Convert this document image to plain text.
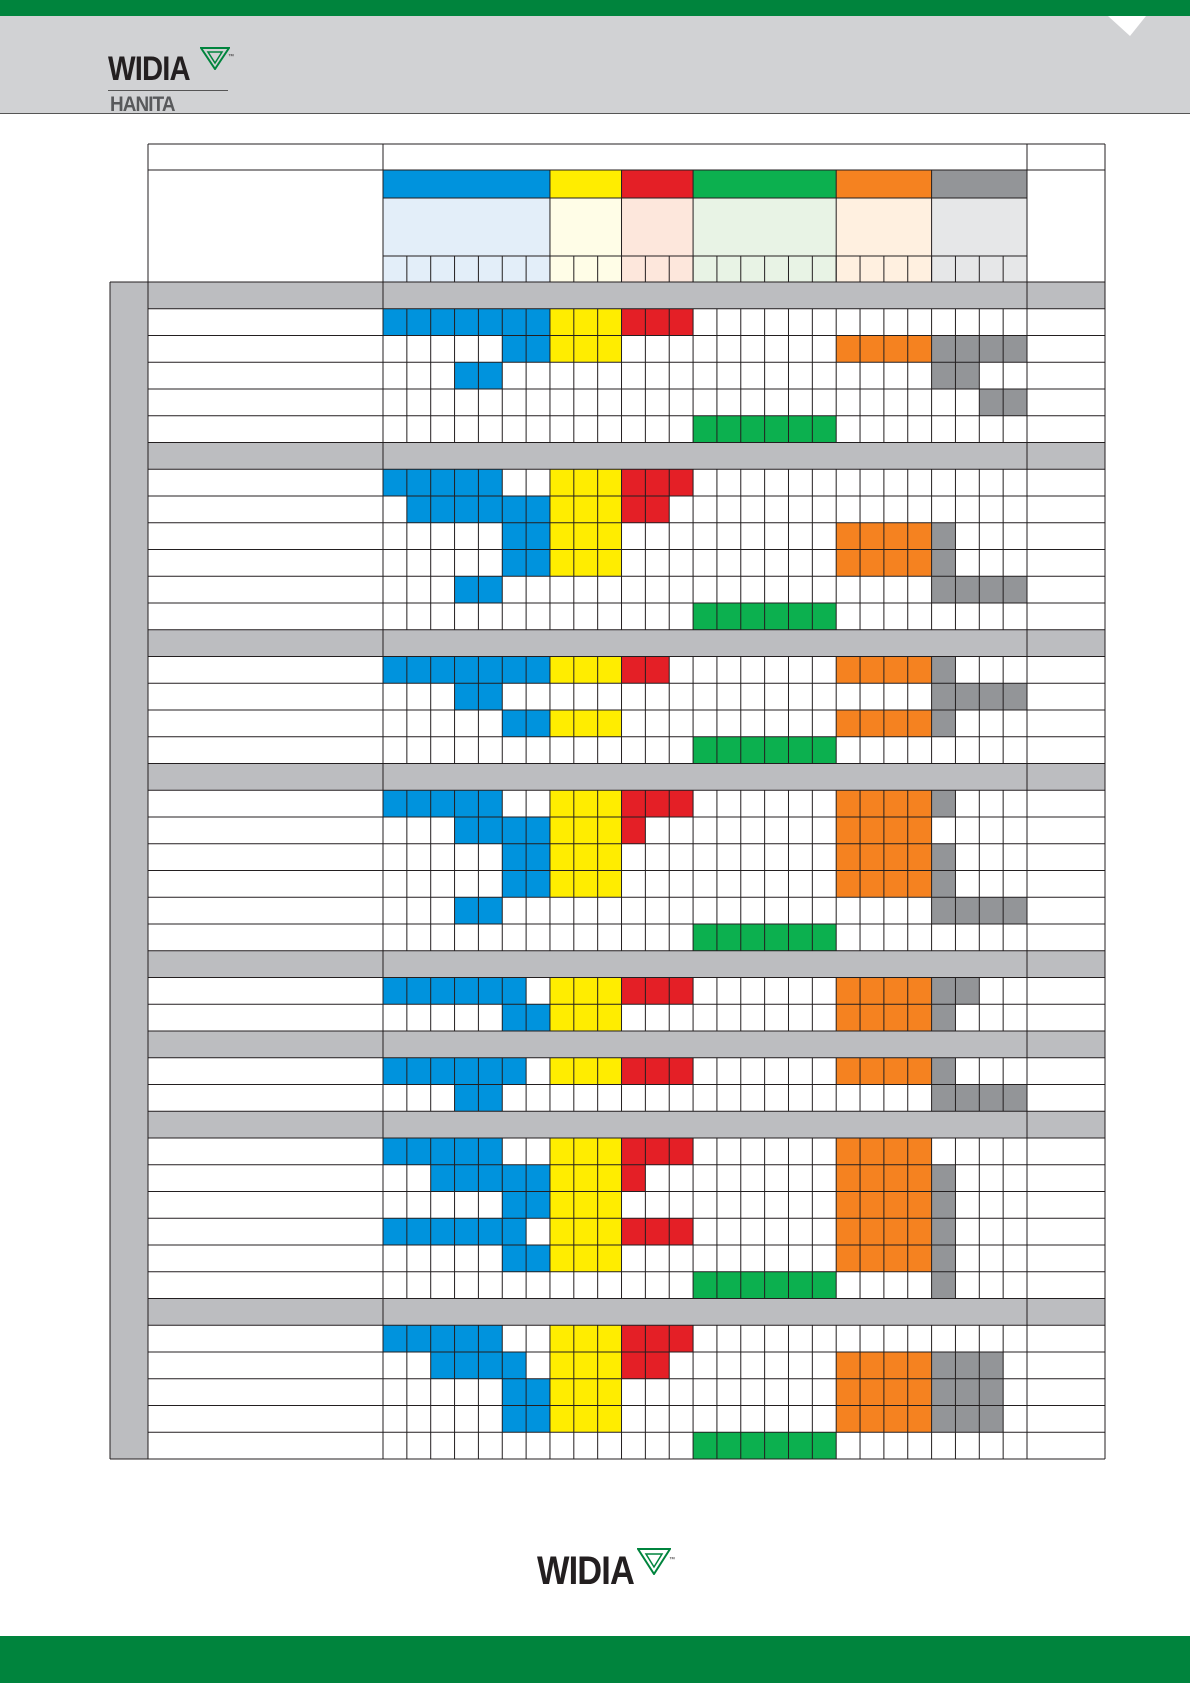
WIDIA	™
HANITA
WIDIA	™
